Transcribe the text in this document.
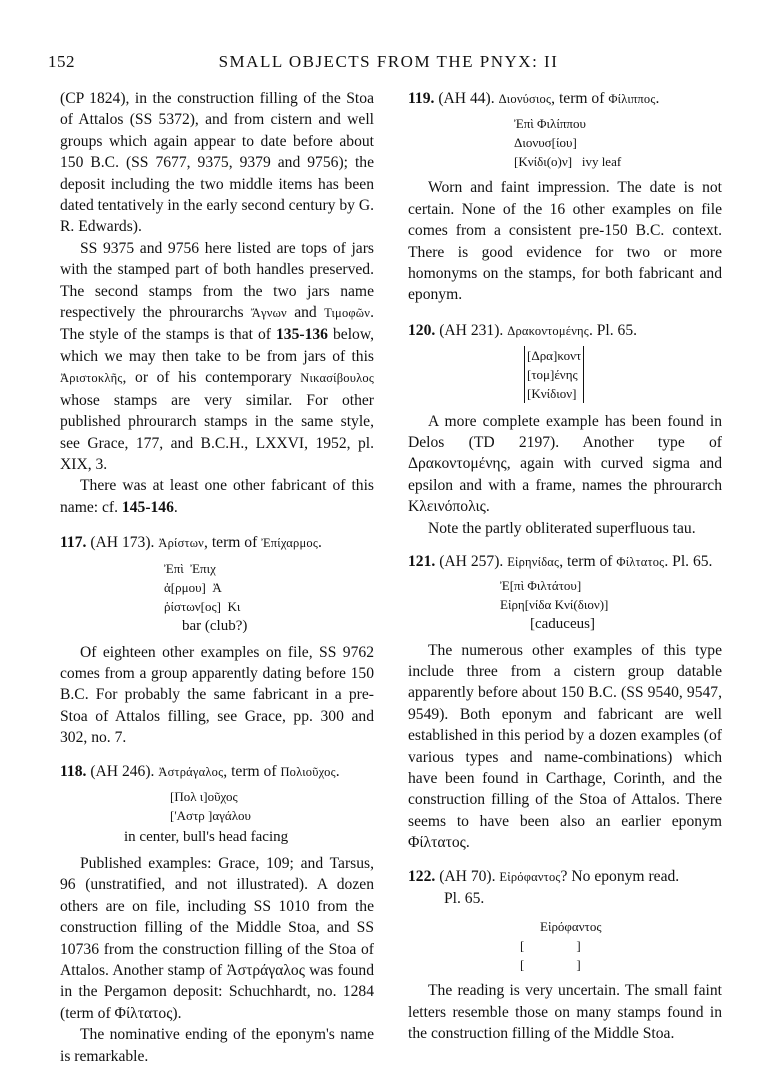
152	SMALL OBJECTS FROM THE PNYX: II

(CP 1824), in the construction filling of the Stoa of Attalos (SS 5372), and from cistern and well groups which again appear to date before about 150 B.C. (SS 7677, 9375, 9379 and 9756); the deposit including the two middle items has been dated tentatively in the early second century by G. R. Edwards).

SS 9375 and 9756 here listed are tops of jars with the stamped part of both handles preserved. The second stamps from the two jars name respectively the phrourarchs Ἄγνων and Τιμοφῶν. The style of the stamps is that of 135-136 below, which we may then take to be from jars of this Ἀριστοκλῆς, or of his contemporary Νικασίβουλος whose stamps are very similar. For other published phrourarch stamps in the same style, see Grace, 177, and B.C.H., LXXVI, 1952, pl. XIX, 3.

There was at least one other fabricant of this name: cf. 145-146.

117. (AH 173). Ἀρίστων, term of Ἐπίχαρμος.

Ἐπὶ  Ἐπιχ
ἀ[ρμου]  Ἀ
ῥίστων[ος]  Κι
bar (club?)

Of eighteen other examples on file, SS 9762 comes from a group apparently dating before 150 B.C. For probably the same fabricant in a pre-Stoa of Attalos filling, see Grace, pp. 300 and 302, no. 7.

118. (AH 246). Ἀστράγαλος, term of Πολιοῦχος.

[Πολ ι]οῦχος
['Αστρ ]αγάλου
in center, bull's head facing

Published examples: Grace, 109; and Tarsus, 96 (unstratified, and not illustrated). A dozen others are on file, including SS 1010 from the construction filling of the Middle Stoa, and SS 10736 from the construction filling of the Stoa of Attalos. Another stamp of Ἀστράγαλος was found in the Pergamon deposit: Schuchhardt, no. 1284 (term of Φίλτατος).

The nominative ending of the eponym's name is remarkable.

119. (AH 44). Διονύσιος, term of Φίλιππος.

Ἐπὶ Φιλίππου
Διονυσ[ίου]
[Κνίδι(ο)ν]   ivy leaf

Worn and faint impression. The date is not certain. None of the 16 other examples on file comes from a consistent pre-150 B.C. context. There is good evidence for two or more homonyms on the stamps, for both fabricant and eponym.

120. (AH 231). Δρακοντομένης. Pl. 65.

[Δρα]κοντ
[τομ]ένης
[Κνίδιον]

A more complete example has been found in Delos (TD 2197). Another type of Δρακοντομένης, again with curved sigma and epsilon and with a frame, names the phrourarch Κλεινόπολις.

Note the partly obliterated superfluous tau.

121. (AH 257). Εἰρηνίδας, term of Φίλτατος. Pl. 65.

Ἐ[πὶ Φιλτάτου]
Εἰρη[νίδα Κνί(διον)]
[caduceus]

The numerous other examples of this type include three from a cistern group datable apparently before about 150 B.C. (SS 9540, 9547, 9549). Both eponym and fabricant are well established in this period by a dozen examples (of various types and name-combinations) which have been found in Carthage, Corinth, and the construction filling of the Stoa of Attalos. There seems to have been also an earlier eponym Φίλτατος.

122. (AH 70). Εἰρόφαντος? No eponym read.

Pl. 65.

Εἰρόφαντος
[                ]
[                ]

The reading is very uncertain. The small faint letters resemble those on many stamps found in the construction filling of the Middle Stoa.
